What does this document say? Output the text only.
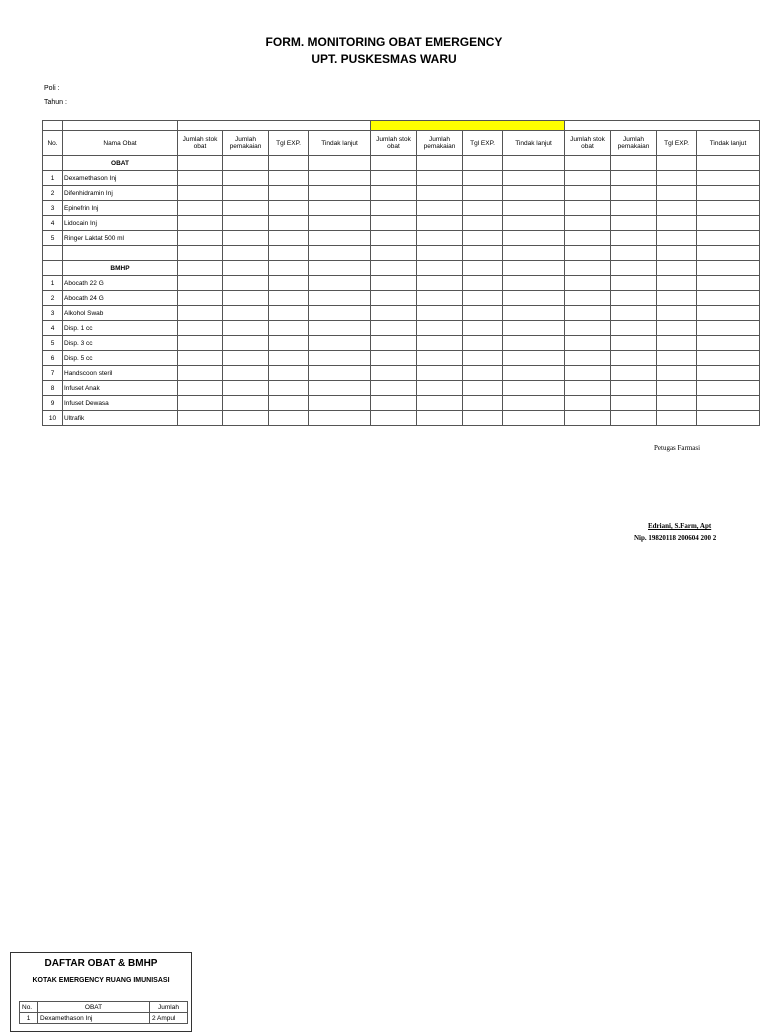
FORM. MONITORING OBAT EMERGENCY
UPT. PUSKESMAS WARU
Poli :
Tahun :

No.	Nama Obat	Jumlah stok obat	Jumlah pemakaian	Tgl EXP.	Tindak lanjut	Jumlah stok obat	Jumlah pemakaian	Tgl EXP.	Tindak lanjut	Jumlah stok obat	Jumlah pemakaian	Tgl EXP.	Tindak lanjut
	OBAT												
1	Dexamethason Inj												
2	Difenhidramin Inj												
3	Epinefrin Inj												
4	Lidocain Inj												
5	Ringer Laktat 500 ml												

	BMHP												
1	Abocath 22 G												
2	Abocath 24 G												
3	Alkohol Swab												
4	Disp. 1 cc												
5	Disp. 3 cc												
6	Disp. 5 cc												
7	Handscoon steril												
8	Infuset Anak												
9	Infuset Dewasa												
10	Ultrafik												
Petugas Farmasi
Edriani, S.Farm, Apt
Nip. 19820118 200604 200 2
DAFTAR OBAT & BMHP
KOTAK EMERGENCY RUANG IMUNISASI
No.	OBAT	Jumlah
1	Dexamethason Inj	2 Ampul
